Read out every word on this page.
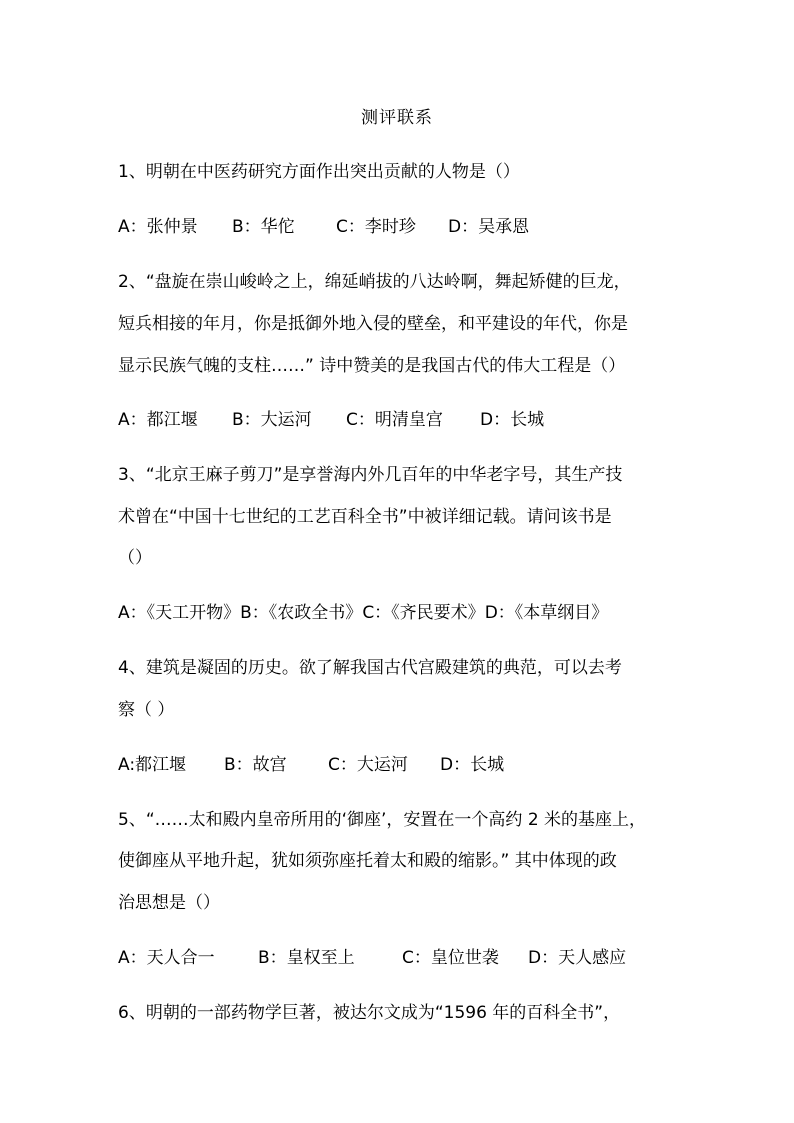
测评联系
1、明朝在中医药研究方面作出突出贡献的人物是（）
A：张仲景 B：华佗 C：李时珍 D：吴承恩
2、“盘旋在崇山峻岭之上，绵延峭拔的八达岭啊，舞起矫健的巨龙，
短兵相接的年月，你是抵御外地入侵的壁垒，和平建设的年代，你是
显示民族气魄的支柱……” 诗中赞美的是我国古代的伟大工程是（）
A：都江堰 B：大运河 C：明清皇宫 D：长城
3、“北京王麻子剪刀”是享誉海内外几百年的中华老字号，其生产技
术曾在“中国十七世纪的工艺百科全书”中被详细记载。请问该书是
（）
A：《天工开物》B：《农政全书》C：《齐民要术》D：《本草纲目》
4、建筑是凝固的历史。欲了解我国古代宫殿建筑的典范，可以去考
察（ ）
A:都江堰 B：故宫 C：大运河 D：长城
5、“……太和殿内皇帝所用的‘御座’，安置在一个高约 2 米的基座上，
使御座从平地升起，犹如须弥座托着太和殿的缩影。” 其中体现的政
治思想是（）
A：天人合一	B：皇权至上	C：皇位世袭 D：天人感应
6、明朝的一部药物学巨著，被达尔文成为“1596 年的百科全书”，
